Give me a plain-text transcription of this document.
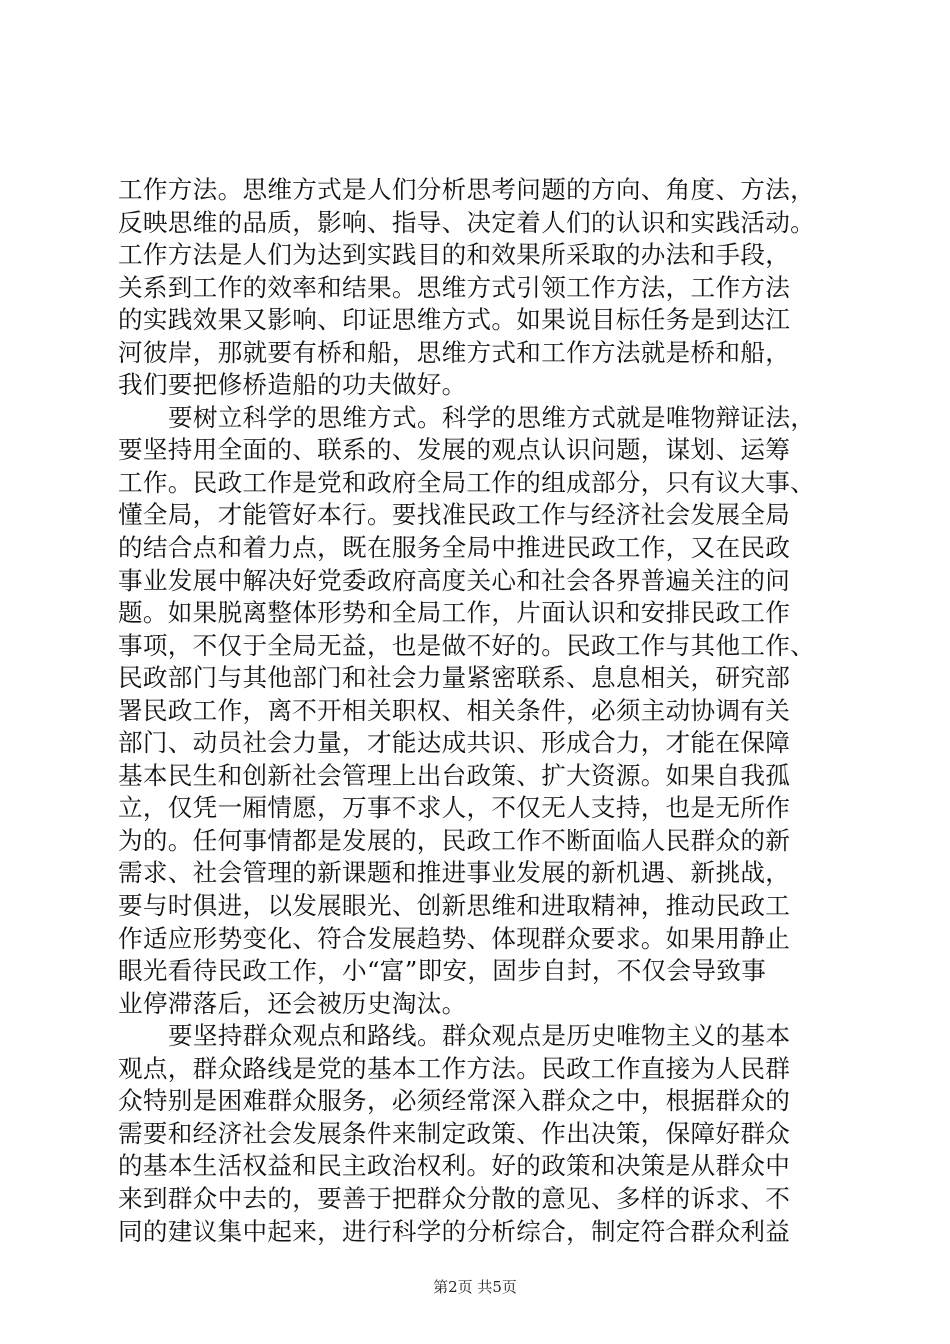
工作方法。思维方式是人们分析思考问题的方向、角度、方法，
反映思维的品质，影响、指导、决定着人们的认识和实践活动。
工作方法是人们为达到实践目的和效果所采取的办法和手段，
关系到工作的效率和结果。思维方式引领工作方法，工作方法
的实践效果又影响、印证思维方式。如果说目标任务是到达江
河彼岸，那就要有桥和船，思维方式和工作方法就是桥和船，
我们要把修桥造船的功夫做好。
要树立科学的思维方式。科学的思维方式就是唯物辩证法，
要坚持用全面的、联系的、发展的观点认识问题，谋划、运筹
工作。民政工作是党和政府全局工作的组成部分，只有议大事、
懂全局，才能管好本行。要找准民政工作与经济社会发展全局
的结合点和着力点，既在服务全局中推进民政工作，又在民政
事业发展中解决好党委政府高度关心和社会各界普遍关注的问
题。如果脱离整体形势和全局工作，片面认识和安排民政工作
事项，不仅于全局无益，也是做不好的。民政工作与其他工作、
民政部门与其他部门和社会力量紧密联系、息息相关，研究部
署民政工作，离不开相关职权、相关条件，必须主动协调有关
部门、动员社会力量，才能达成共识、形成合力，才能在保障
基本民生和创新社会管理上出台政策、扩大资源。如果自我孤
立，仅凭一厢情愿，万事不求人，不仅无人支持，也是无所作
为的。任何事情都是发展的，民政工作不断面临人民群众的新
需求、社会管理的新课题和推进事业发展的新机遇、新挑战，
要与时俱进，以发展眼光、创新思维和进取精神，推动民政工
作适应形势变化、符合发展趋势、体现群众要求。如果用静止
眼光看待民政工作，小“富”即安，固步自封，不仅会导致事
业停滞落后，还会被历史淘汰。
要坚持群众观点和路线。群众观点是历史唯物主义的基本
观点，群众路线是党的基本工作方法。民政工作直接为人民群
众特别是困难群众服务，必须经常深入群众之中，根据群众的
需要和经济社会发展条件来制定政策、作出决策，保障好群众
的基本生活权益和民主政治权利。好的政策和决策是从群众中
来到群众中去的，要善于把群众分散的意见、多样的诉求、不
同的建议集中起来，进行科学的分析综合，制定符合群众利益
第2页 共5页
